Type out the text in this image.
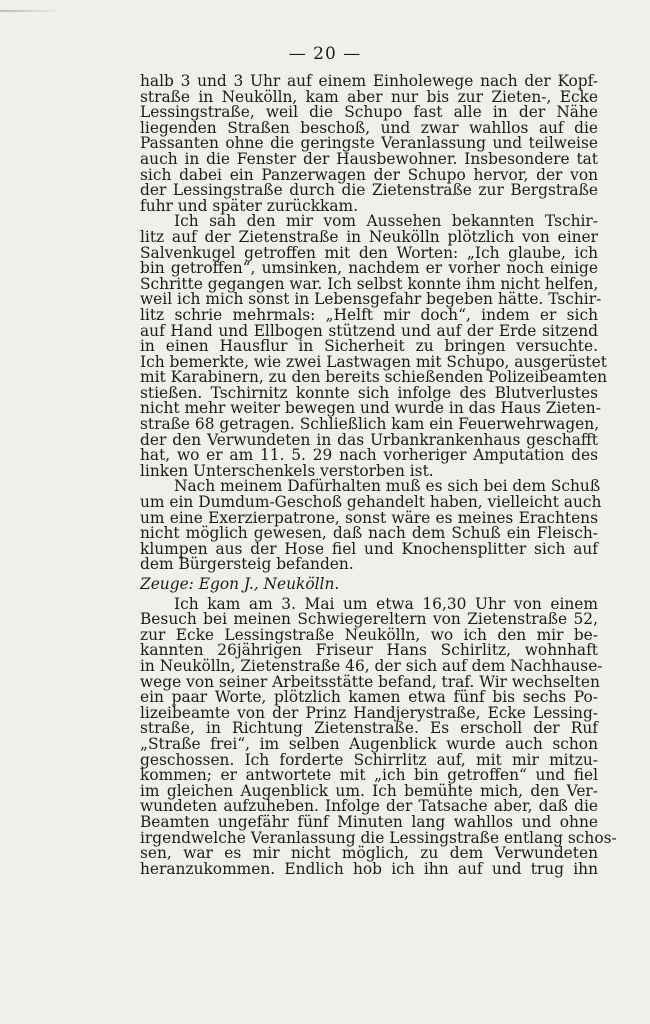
— 20 —
halb 3 und 3 Uhr auf einem Einholewege nach der Kopf-
straße in Neukölln, kam aber nur bis zur Zieten-, Ecke
Lessingstraße, weil die Schupo fast alle in der Nähe
liegenden Straßen beschoß, und zwar wahllos auf die
Passanten ohne die geringste Veranlassung und teilweise
auch in die Fenster der Hausbewohner. Insbesondere tat
sich dabei ein Panzerwagen der Schupo hervor, der von
der Lessingstraße durch die Zietenstraße zur Bergstraße
fuhr und später zurückkam.
Ich sah den mir vom Aussehen bekannten Tschir-
litz auf der Zietenstraße in Neukölln plötzlich von einer
Salvenkugel getroffen mit den Worten: „Ich glaube, ich
bin getroffen“, umsinken, nachdem er vorher noch einige
Schritte gegangen war. Ich selbst konnte ihm nicht helfen,
weil ich mich sonst in Lebensgefahr begeben hätte. Tschir-
litz schrie mehrmals: „Helft mir doch“, indem er sich
auf Hand und Ellbogen stützend und auf der Erde sitzend
in einen Hausflur in Sicherheit zu bringen versuchte.
Ich bemerkte, wie zwei Lastwagen mit Schupo, ausgerüstet
mit Karabinern, zu den bereits schießenden Polizeibeamten
stießen. Tschirnitz konnte sich infolge des Blutverlustes
nicht mehr weiter bewegen und wurde in das Haus Zieten-
straße 68 getragen. Schließlich kam ein Feuerwehrwagen,
der den Verwundeten in das Urbankrankenhaus geschafft
hat, wo er am 11. 5. 29 nach vorheriger Amputation des
linken Unterschenkels verstorben ist.
Nach meinem Dafürhalten muß es sich bei dem Schuß
um ein Dumdum-Geschoß gehandelt haben, vielleicht auch
um eine Exerzierpatrone, sonst wäre es meines Erachtens
nicht möglich gewesen, daß nach dem Schuß ein Fleisch-
klumpen aus der Hose fiel und Knochensplitter sich auf
dem Bürgersteig befanden.
Zeuge: Egon J., Neukölln.
Ich kam am 3. Mai um etwa 16,30 Uhr von einem
Besuch bei meinen Schwiegereltern von Zietenstraße 52,
zur Ecke Lessingstraße Neukölln, wo ich den mir be-
kannten 26jährigen Friseur Hans Schirlitz, wohnhaft
in Neukölln, Zietenstraße 46, der sich auf dem Nachhause-
wege von seiner Arbeitsstätte befand, traf. Wir wechselten
ein paar Worte, plötzlich kamen etwa fünf bis sechs Po-
lizeibeamte von der Prinz Handjerystraße, Ecke Lessing-
straße, in Richtung Zietenstraße. Es erscholl der Ruf
„Straße frei“, im selben Augenblick wurde auch schon
geschossen. Ich forderte Schirrlitz auf, mit mir mitzu-
kommen; er antwortete mit „ich bin getroffen“ und fiel
im gleichen Augenblick um. Ich bemühte mich, den Ver-
wundeten aufzuheben. Infolge der Tatsache aber, daß die
Beamten ungefähr fünf Minuten lang wahllos und ohne
irgendwelche Veranlassung die Lessingstraße entlang schos-
sen, war es mir nicht möglich, zu dem Verwundeten
heranzukommen. Endlich hob ich ihn auf und trug ihn
